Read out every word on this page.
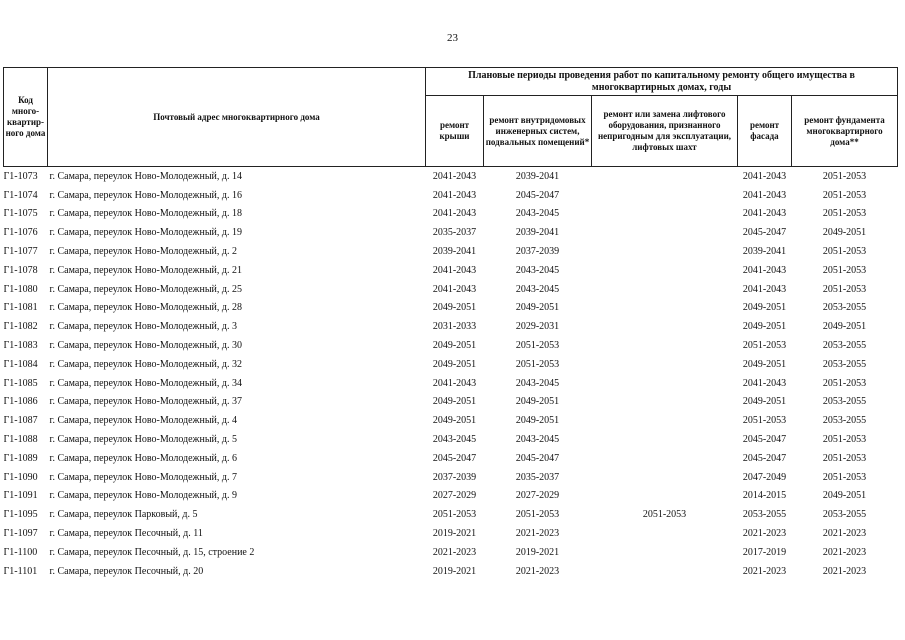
23
Код много-квартир-ного дома	Почтовый адрес многоквартирного дома	Плановые периоды проведения работ по капитальному ремонту общего имущества в многоквартирных домах, годы				
		ремонт крыши	ремонт внутридомовых инженерных систем, подвальных помещений*	ремонт или замена лифтового оборудования, признанного непригодным для эксплуатации, лифтовых шахт	ремонт фасада	ремонт фундамента многоквартирного дома**
Г1-1073	г. Самара, переулок Ново-Молодежный, д. 14	2041-2043	2039-2041		2041-2043	2051-2053
Г1-1074	г. Самара, переулок Ново-Молодежный, д. 16	2041-2043	2045-2047		2041-2043	2051-2053
Г1-1075	г. Самара, переулок Ново-Молодежный, д. 18	2041-2043	2043-2045		2041-2043	2051-2053
Г1-1076	г. Самара, переулок Ново-Молодежный, д. 19	2035-2037	2039-2041		2045-2047	2049-2051
Г1-1077	г. Самара, переулок Ново-Молодежный, д. 2	2039-2041	2037-2039		2039-2041	2051-2053
Г1-1078	г. Самара, переулок Ново-Молодежный, д. 21	2041-2043	2043-2045		2041-2043	2051-2053
Г1-1080	г. Самара, переулок Ново-Молодежный, д. 25	2041-2043	2043-2045		2041-2043	2051-2053
Г1-1081	г. Самара, переулок Ново-Молодежный, д. 28	2049-2051	2049-2051		2049-2051	2053-2055
Г1-1082	г. Самара, переулок Ново-Молодежный, д. 3	2031-2033	2029-2031		2049-2051	2049-2051
Г1-1083	г. Самара, переулок Ново-Молодежный, д. 30	2049-2051	2051-2053		2051-2053	2053-2055
Г1-1084	г. Самара, переулок Ново-Молодежный, д. 32	2049-2051	2051-2053		2049-2051	2053-2055
Г1-1085	г. Самара, переулок Ново-Молодежный, д. 34	2041-2043	2043-2045		2041-2043	2051-2053
Г1-1086	г. Самара, переулок Ново-Молодежный, д. 37	2049-2051	2049-2051		2049-2051	2053-2055
Г1-1087	г. Самара, переулок Ново-Молодежный, д. 4	2049-2051	2049-2051		2051-2053	2053-2055
Г1-1088	г. Самара, переулок Ново-Молодежный, д. 5	2043-2045	2043-2045		2045-2047	2051-2053
Г1-1089	г. Самара, переулок Ново-Молодежный, д. 6	2045-2047	2045-2047		2045-2047	2051-2053
Г1-1090	г. Самара, переулок Ново-Молодежный, д. 7	2037-2039	2035-2037		2047-2049	2051-2053
Г1-1091	г. Самара, переулок Ново-Молодежный, д. 9	2027-2029	2027-2029		2014-2015	2049-2051
Г1-1095	г. Самара, переулок Парковый, д. 5	2051-2053	2051-2053	2051-2053	2053-2055	2053-2055
Г1-1097	г. Самара, переулок Песочный, д. 11	2019-2021	2021-2023		2021-2023	2021-2023
Г1-1100	г. Самара, переулок Песочный, д. 15, строение 2	2021-2023	2019-2021		2017-2019	2021-2023
Г1-1101	г. Самара, переулок Песочный, д. 20	2019-2021	2021-2023		2021-2023	2021-2023
